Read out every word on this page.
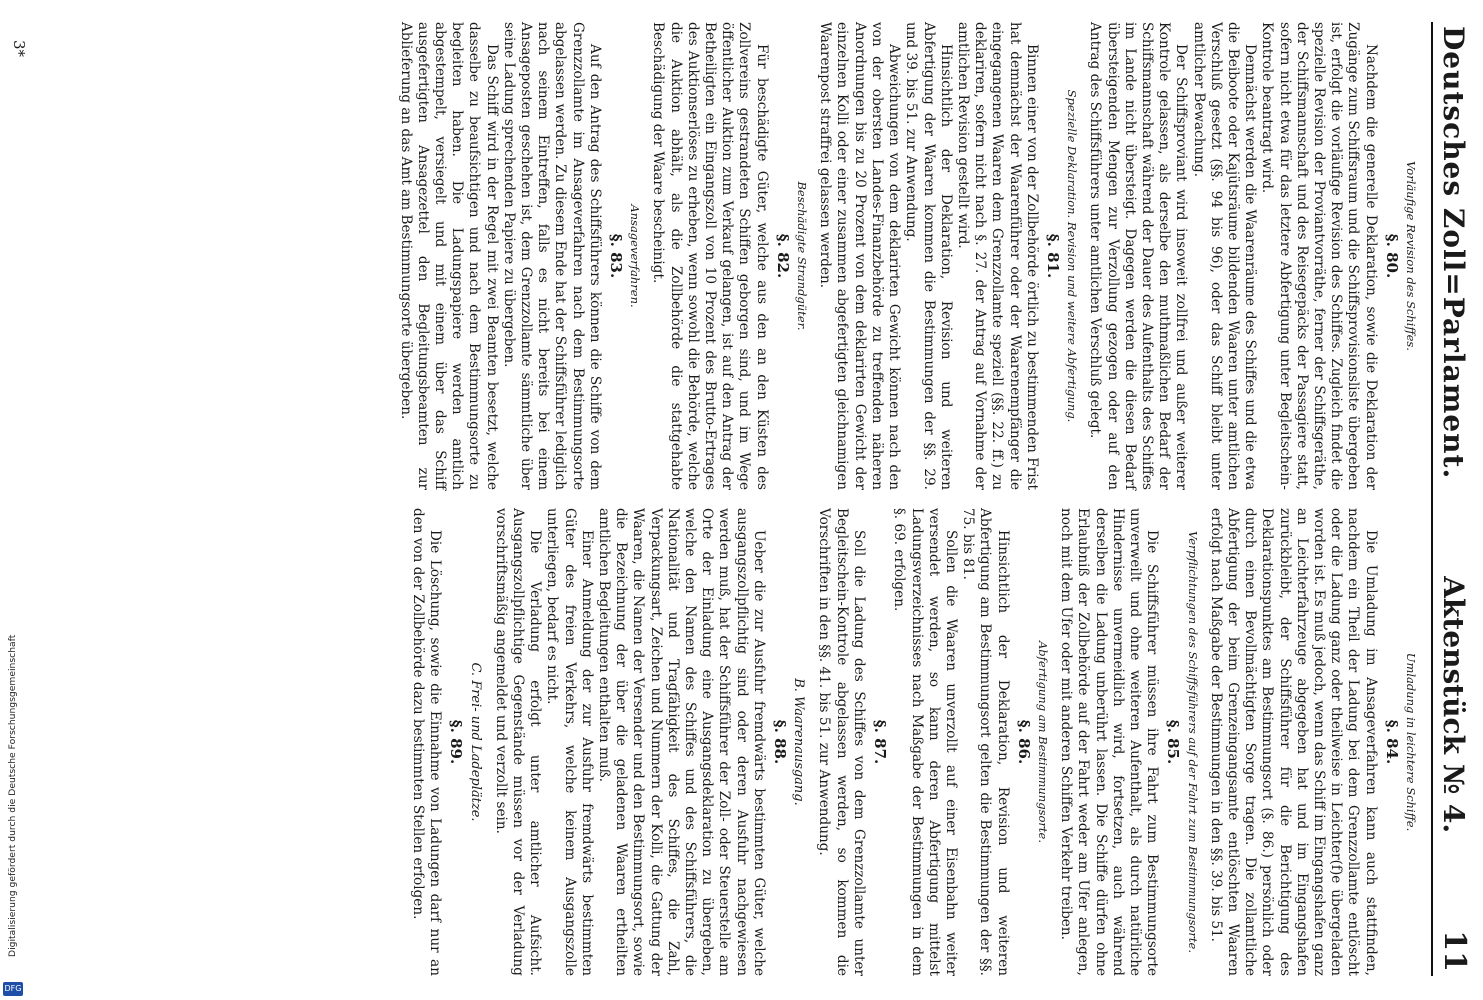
Digitalisierung gefördert durch die Deutsche Forschungsgemeinschaft
DFG
Deutsches Zoll=Parlament.
Aktenstück № 4.
11
Vorläufige Revision des Schiffes.
§. 80.
Nachdem die generelle Deklaration, sowie die Deklaration der Zugänge zum Schiffsraum und die Schiffsprovisionsliste übergeben ist, erfolgt die vorläufige Revision des Schiffes. Zugleich findet die spezielle Revision der Proviantvorräthe, ferner der Schiffsgeräthe, der Schiffsmannschaft und des Reisegepäcks der Passagiere statt, sofern nicht etwa für das letztere Abfertigung unter Begleitschein-Kontrole beantragt wird.
Demnächst werden die Waarenräume des Schiffes und die etwa die Beiboote oder Kajütsräume bildenden Waaren unter amtlichen Verschluß gesetzt (§§. 94 bis 96), oder das Schiff bleibt unter amtlicher Bewachung.
Der Schiffsproviant wird insoweit zollfrei und außer weiterer Kontrole gelassen, als derselbe den muthmaßlichen Bedarf der Schiffsmannschaft während der Dauer des Aufenthalts des Schiffes im Lande nicht übersteigt. Dagegen werden die diesen Bedarf übersteigenden Mengen zur Verzollung gezogen oder auf den Antrag des Schiffsführers unter amtlichen Verschluß gelegt.
Spezielle Deklaration. Revision und weitere Abfertigung.
§. 81.
Binnen einer von der Zollbehörde örtlich zu bestimmenden Frist hat demnächst der Waarenführer oder der Waarenempfänger die eingegangenen Waaren dem Grenzzollamte speziell (§§. 22. ff.) zu deklariren, sofern nicht nach §. 27. der Antrag auf Vornahme der amtlichen Revision gestellt wird.
Hinsichtlich der Deklaration, Revision und weiteren Abfertigung der Waaren kommen die Bestimmungen der §§. 29. und 39. bis 51. zur Anwendung.
Abweichungen von dem deklarirten Gewicht können nach den von der obersten Landes-Finanzbehörde zu treffenden näheren Anordnungen bis zu 20 Prozent von dem deklarirten Gewicht der einzelnen Kolli oder einer zusammen abgefertigten gleichnamigen Waarenpost straffrei gelassen werden.
Beschädigte Strandgüter.
§. 82.
Für beschädigte Güter, welche aus den an den Küsten des Zollvereins gestrandeten Schiffen geborgen sind, und im Wege öffentlicher Auktion zum Verkauf gelangen, ist auf den Antrag der Betheiligten ein Eingangszoll von 10 Prozent des Brutto-Ertrages des Auktionserlöses zu erheben, wenn sowohl die Behörde, welche die Auktion abhält, als die Zollbehörde die stattgehabte Beschädigung der Waare bescheinigt.
Ansageverfahren.
§. 83.
Auf den Antrag des Schiffsführers können die Schiffe von dem Grenzzollamte im Ansageverfahren nach dem Bestimmungsorte abgelassen werden. Zu diesem Ende hat der Schiffsführer lediglich nach seinem Eintreffen, falls es nicht bereits bei einem Ansageposten geschehen ist, dem Grenzzollamte sämmtliche über seine Ladung sprechenden Papiere zu übergeben.
Das Schiff wird in der Regel mit zwei Beamten besetzt, welche dasselbe zu beaufsichtigen und nach dem Bestimmungsorte zu begleiten haben. Die Ladungspapiere werden amtlich abgestempelt, versiegelt und mit einem über das Schiff ausgefertigten Ansagezettel den Begleitungsbeamten zur Ablieferung an das Amt am Bestimmungsorte übergeben.
Umladung in leichtere Schiffe.
§. 84.
Die Umladung im Ansageverfahren kann auch stattfinden, nachdem ein Theil der Ladung bei dem Grenzzollamte entlöscht oder die Ladung ganz oder theilweise in Leichter(f)e übergeladen worden ist. Es muß jedoch, wenn das Schiff im Eingangshafen ganz an Leichterfahrzeuge abgegeben hat und im Eingangshafen zurückbleibt, der Schiffsführer für die Berichtigung des Deklarationspunktes am Bestimmungsort (§. 86.) persönlich oder durch einen Bevollmächtigten Sorge tragen. Die zollamtliche Abfertigung der beim Grenzeingangsamte entlöschten Waaren erfolgt nach Maßgabe der Bestimmungen in den §§. 39. bis 51.
Verpflichtungen des Schiffsführers auf der Fahrt zum Bestimmungsorte.
§. 85.
Die Schiffsführer müssen ihre Fahrt zum Bestimmungsorte unverweilt und ohne weiteren Aufenthalt, als durch natürliche Hindernisse unvermeidlich wird, fortsetzen, auch während derselben die Ladung unberührt lassen. Die Schiffe dürfen ohne Erlaubniß der Zollbehörde auf der Fahrt weder am Ufer anlegen, noch mit dem Ufer oder mit anderen Schiffen Verkehr treiben.
Abfertigung am Bestimmungsorte.
§. 86.
Hinsichtlich der Deklaration, Revision und weiteren Abfertigung am Bestimmungsort gelten die Bestimmungen der §§. 75. bis 81.
Sollen die Waaren unverzollt auf einer Eisenbahn weiter versendet werden, so kann deren Abfertigung mittelst Ladungsverzeichnisses nach Maßgabe der Bestimmungen in dem §. 69. erfolgen.
§. 87.
Soll die Ladung des Schiffes von dem Grenzzollamte unter Begleitschein-Kontrole abgelassen werden, so kommen die Vorschriften in den §§. 41. bis 51. zur Anwendung.
B. Waarenausgang.
§. 88.
Ueber die zur Ausfuhr fremdwärts bestimmten Güter, welche ausgangszollpflichtig sind oder deren Ausfuhr nachgewiesen werden muß, hat der Schiffsführer der Zoll- oder Steuerstelle am Orte der Einladung eine Ausgangsdeklaration zu übergeben, welche den Namen des Schiffes und des Schiffsführers, die Nationalität und Tragfähigkeit des Schiffes, die Zahl, Verpackungsart, Zeichen und Nummern der Kolli, die Gattung der Waaren, die Namen der Versender und den Bestimmungsort, sowie die Bezeichnung der über die geladenen Waaren ertheilten amtlichen Begleitungen enthalten muß.
Einer Anmeldung der zur Ausfuhr fremdwärts bestimmten Güter des freien Verkehrs, welche keinem Ausgangszolle unterliegen, bedarf es nicht.
Die Verladung erfolgt unter amtlicher Aufsicht. Ausgangszollpflichtige Gegenstände müssen vor der Verladung vorschriftsmäßig angemeldet und verzollt sein.
C. Frei- und Ladeplätze.
§. 89.
Die Löschung, sowie die Einnahme von Ladungen darf nur an den von der Zollbehörde dazu bestimmten Stellen erfolgen.
3*
